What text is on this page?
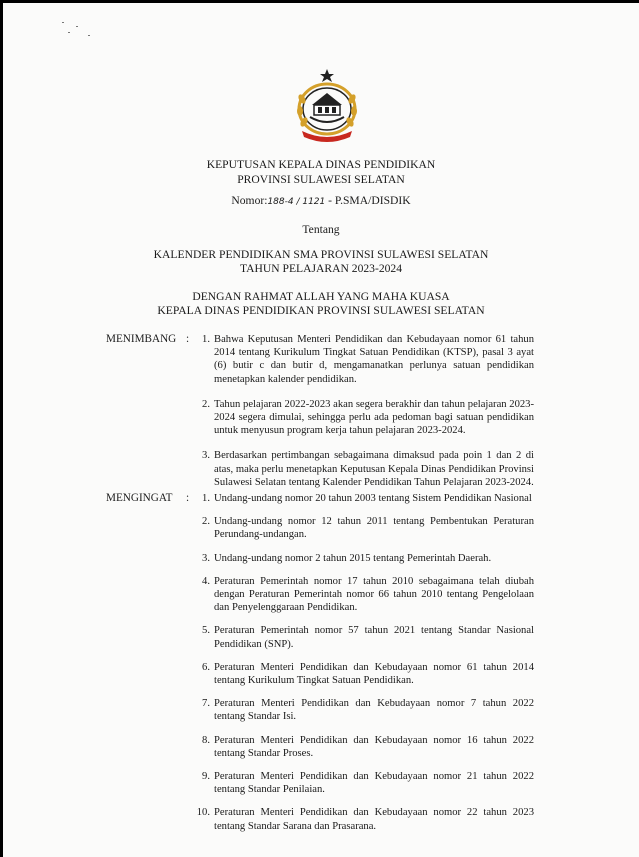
KEPUTUSAN KEPALA DINAS PENDIDIKAN
PROVINSI SULAWESI SELATAN
Nomor:188-4 / 1121 - P.SMA/DISDIK
Tentang
KALENDER PENDIDIKAN SMA PROVINSI SULAWESI SELATAN
TAHUN PELAJARAN 2023-2024
DENGAN RAHMAT ALLAH YANG MAHA KUASA
KEPALA DINAS PENDIDIKAN PROVINSI SULAWESI SELATAN
MENIMBANG :	1. Bahwa Keputusan Menteri Pendidikan dan Kebudayaan nomor 61 tahun 2014 tentang Kurikulum Tingkat Satuan Pendidikan (KTSP), pasal 3 ayat (6) butir c dan butir d, mengamanatkan perlunya satuan pendidikan menetapkan kalender pendidikan.
2. Tahun pelajaran 2022-2023 akan segera berakhir dan tahun pelajaran 2023-2024 segera dimulai, sehingga perlu ada pedoman bagi satuan pendidikan untuk menyusun program kerja tahun pelajaran 2023-2024.
3. Berdasarkan pertimbangan sebagaimana dimaksud pada poin 1 dan 2 di atas, maka perlu menetapkan Keputusan Kepala Dinas Pendidikan Provinsi Sulawesi Selatan tentang Kalender Pendidikan Tahun Pelajaran 2023-2024.
MENGINGAT :	1. Undang-undang nomor 20 tahun 2003 tentang Sistem Pendidikan Nasional
2. Undang-undang nomor 12 tahun 2011 tentang Pembentukan Peraturan Perundang-undangan.
3. Undang-undang nomor 2 tahun 2015 tentang Pemerintah Daerah.
4. Peraturan Pemerintah nomor 17 tahun 2010 sebagaimana telah diubah dengan Peraturan Pemerintah nomor 66 tahun 2010 tentang Pengelolaan dan Penyelenggaraan Pendidikan.
5. Peraturan Pemerintah nomor 57 tahun 2021 tentang Standar Nasional Pendidikan (SNP).
6. Peraturan Menteri Pendidikan dan Kebudayaan nomor 61 tahun 2014 tentang Kurikulum Tingkat Satuan Pendidikan.
7. Peraturan Menteri Pendidikan dan Kebudayaan nomor 7 tahun 2022 tentang Standar Isi.
8. Peraturan Menteri Pendidikan dan Kebudayaan nomor 16 tahun 2022 tentang Standar Proses.
9. Peraturan Menteri Pendidikan dan Kebudayaan nomor 21 tahun 2022 tentang Standar Penilaian.
10. Peraturan Menteri Pendidikan dan Kebudayaan nomor 22 tahun 2023 tentang Standar Sarana dan Prasarana.
